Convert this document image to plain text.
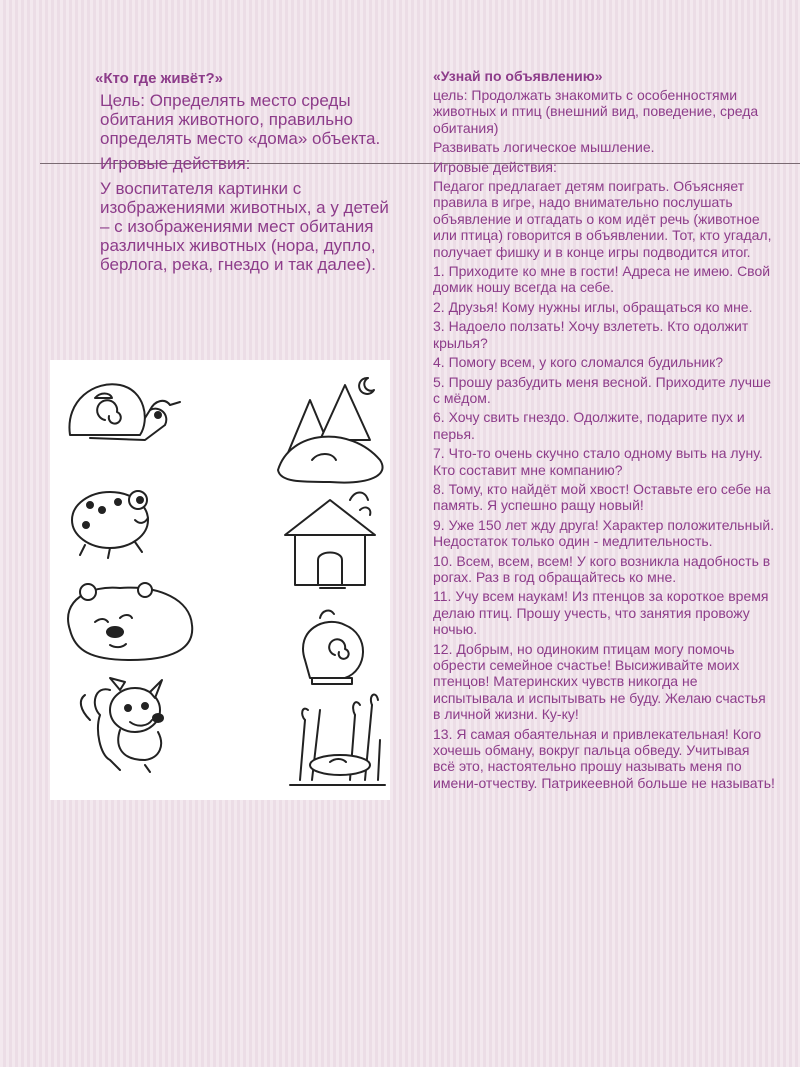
«Кто где живёт?»
Цель: Определять место среды обитания животного, правильно определять место «дома» объекта.
Игровые действия:
У воспитателя картинки с изображениями животных, а у детей – с изображениями мест обитания различных животных (нора, дупло, берлога, река, гнездо и так далее).
«Узнай по объявлению»
цель: Продолжать знакомить с особенностями животных и птиц (внешний вид, поведение, среда обитания)
Развивать логическое мышление.
Игровые действия:
Педагог предлагает детям поиграть. Объясняет правила в игре, надо внимательно послушать объявление и отгадать о ком идёт речь (животное или птица) говорится в объявлении. Тот, кто угадал, получает фишку и в конце игры подводится итог.
1. Приходите ко мне в гости! Адреса не имею. Свой домик ношу всегда на себе.
2. Друзья! Кому нужны иглы, обращаться ко мне.
3. Надоело ползать! Хочу взлететь. Кто одолжит крылья?
4. Помогу всем, у кого сломался будильник?
5. Прошу разбудить меня весной. Приходите лучше с мёдом.
6. Хочу свить гнездо. Одолжите, подарите пух и перья.
7. Что-то очень скучно стало одному выть на луну. Кто составит мне компанию?
8. Тому, кто найдёт мой хвост! Оставьте его себе на память. Я успешно ращу новый!
9. Уже 150 лет жду друга! Характер положительный. Недостаток только один - медлительность.
10. Всем, всем, всем! У кого возникла надобность в рогах. Раз в год обращайтесь ко мне.
11. Учу всем наукам! Из птенцов за короткое время делаю птиц. Прошу учесть, что занятия провожу ночью.
12. Добрым, но одиноким птицам могу помочь обрести семейное счастье! Высиживайте моих птенцов! Материнских чувств никогда не испытывала и испытывать не буду. Желаю счастья в личной жизни. Ку-ку!
13. Я самая обаятельная и привлекательная! Кого хочешь обману, вокруг пальца обведу. Учитывая всё это, настоятельно прошу называть меня по имени-отчеству. Патрикеевной больше не называть!
